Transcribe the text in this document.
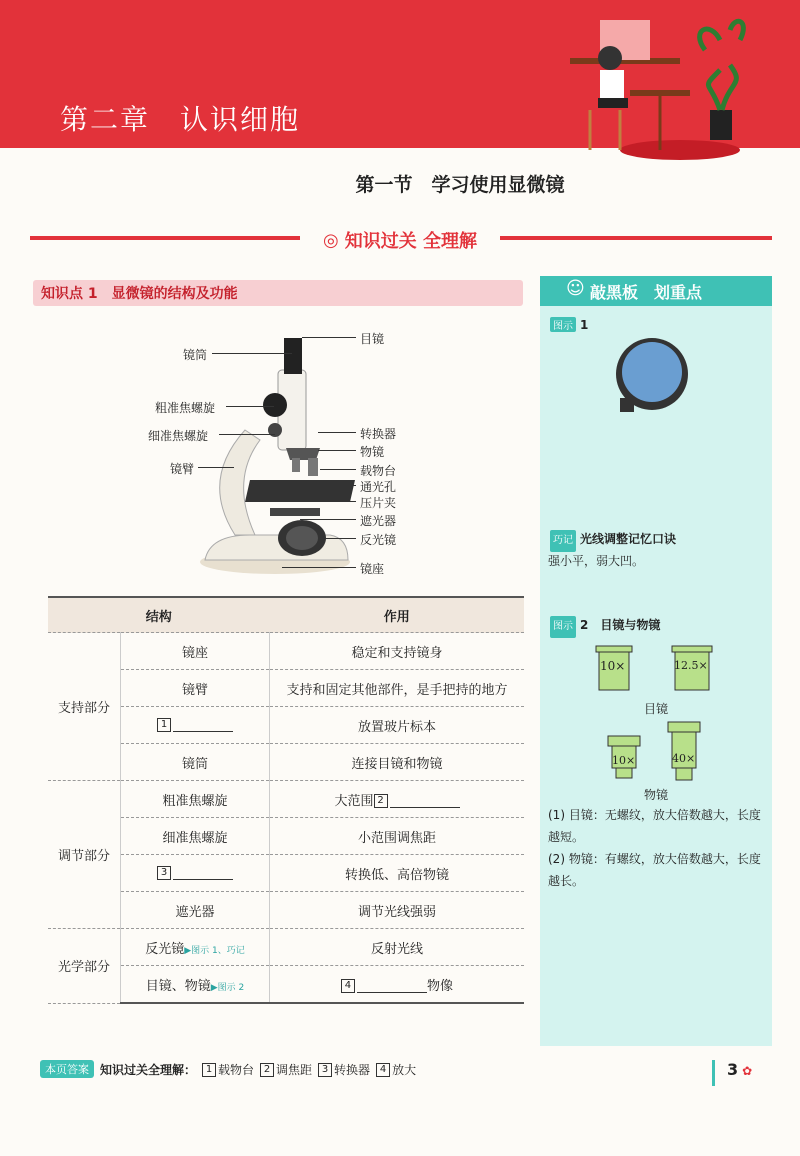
第二章　认识细胞
第一节　学习使用显微镜
◎ 知识过关 全理解
知识点 1　显微镜的结构及功能
镜筒
粗准焦螺旋
细准焦螺旋
镜臂
目镜
转换器
物镜
载物台
通光孔
压片夹
遮光器
反光镜
镜座
结构		作用
支持部分	镜座	稳定和支持镜身
	镜臂	支持和固定其他部件，是手把持的地方
	1	放置玻片标本
	镜筒	连接目镜和物镜
调节部分	粗准焦螺旋	大范围 2
	细准焦螺旋	小范围调焦距
	3	转换低、高倍物镜
	遮光器	调节光线强弱
光学部分	反光镜▶图示 1、巧记	反射光线
	目镜、物镜▶图示 2	4 物像
☺ 敲黑板　划重点
图示 1
巧记 光线调整记忆口诀
强小平，弱大凹。
图示 2　目镜与物镜
10×	12.5×
目镜
10×	40×
物镜
(1) 目镜：无螺纹，放大倍数越大，长度越短。
(2) 物镜：有螺纹，放大倍数越大，长度越长。
本页答案 知识过关全理解： 1 载物台 2 调焦距 3 转换器 4 放大	3 ✿
